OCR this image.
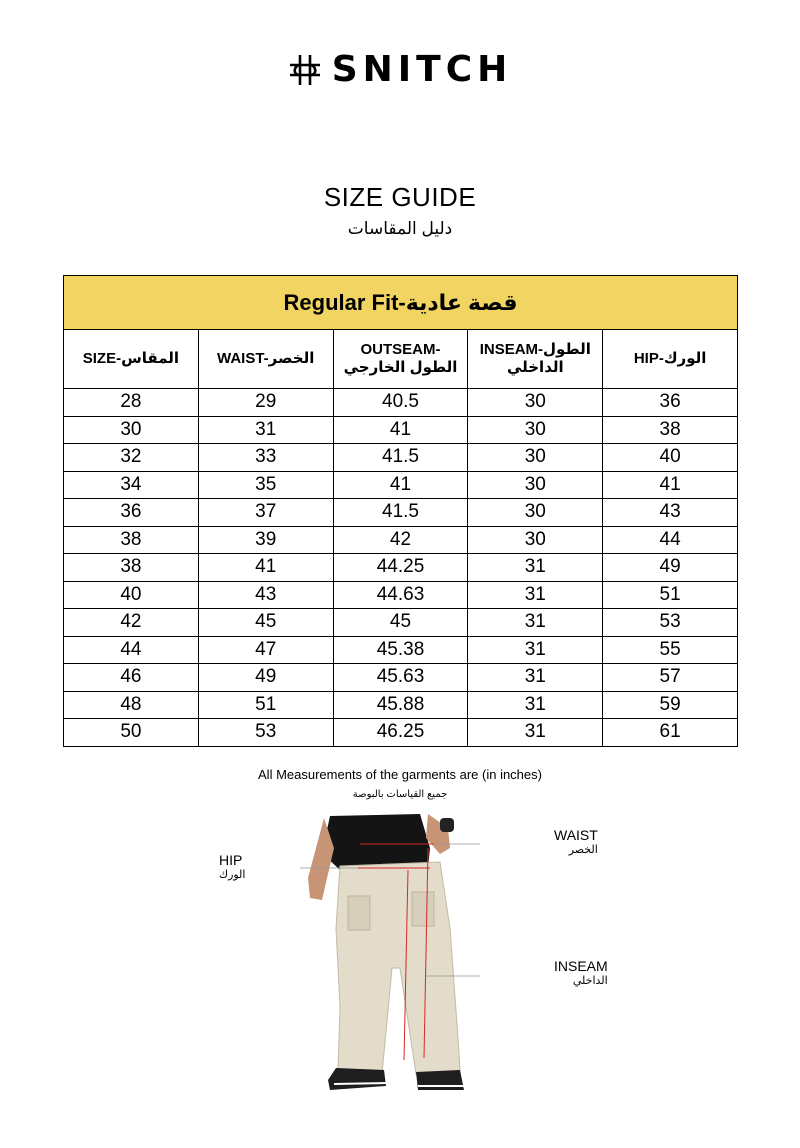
SNITCH
SIZE GUIDE
دليل المقاسات
Regular Fit-قصة عادية				
SIZE-المقاس	WAIST-الخصر	OUTSEAM-الطول الخارجي	INSEAM-الطول الداخلي	HIP-الورك
28	29	40.5	30	36
30	31	41	30	38
32	33	41.5	30	40
34	35	41	30	41
36	37	41.5	30	43
38	39	42	30	44
38	41	44.25	31	49
40	43	44.63	31	51
42	45	45	31	53
44	47	45.38	31	55
46	49	45.63	31	57
48	51	45.88	31	59
50	53	46.25	31	61
All Measurements of the garments are (in inches)
جميع القياسات بالبوصة
WAIST
الخصر
HIP
الورك
INSEAM
الداخلي
